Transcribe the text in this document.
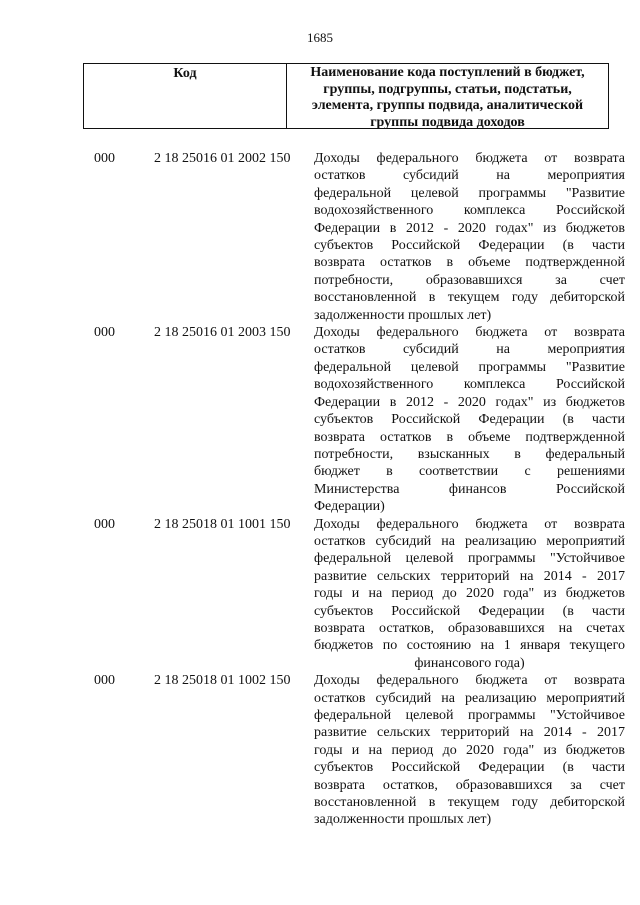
1685
Код	Наименование кода поступлений в бюджет, группы, подгруппы, статьи, подстатьи, элемента, группы подвида, аналитической группы подвида доходов
000	2 18 25016 01 2002 150	Доходы федерального бюджета от возврата
остатков субсидий на мероприятия
федеральной целевой программы "Развитие
водохозяйственного комплекса Российской
Федерации в 2012 - 2020 годах" из бюджетов
субъектов Российской Федерации (в части
возврата остатков в объеме подтвержденной
потребности, образовавшихся за счет
восстановленной в текущем году дебиторской
задолженности прошлых лет)
000	2 18 25016 01 2003 150	Доходы федерального бюджета от возврата
остатков субсидий на мероприятия
федеральной целевой программы "Развитие
водохозяйственного комплекса Российской
Федерации в 2012 - 2020 годах" из бюджетов
субъектов Российской Федерации (в части
возврата остатков в объеме подтвержденной
потребности, взысканных в федеральный
бюджет в соответствии с решениями
Министерства финансов Российской
Федерации)
000	2 18 25018 01 1001 150	Доходы федерального бюджета от возврата
остатков субсидий на реализацию мероприятий
федеральной целевой программы "Устойчивое
развитие сельских территорий на 2014 - 2017
годы и на период до 2020 года" из бюджетов
субъектов Российской Федерации (в части
возврата остатков, образовавшихся на счетах
бюджетов по состоянию на 1 января текущего
финансового года)
000	2 18 25018 01 1002 150	Доходы федерального бюджета от возврата
остатков субсидий на реализацию мероприятий
федеральной целевой программы "Устойчивое
развитие сельских территорий на 2014 - 2017
годы и на период до 2020 года" из бюджетов
субъектов Российской Федерации (в части
возврата остатков, образовавшихся за счет
восстановленной в текущем году дебиторской
задолженности прошлых лет)
